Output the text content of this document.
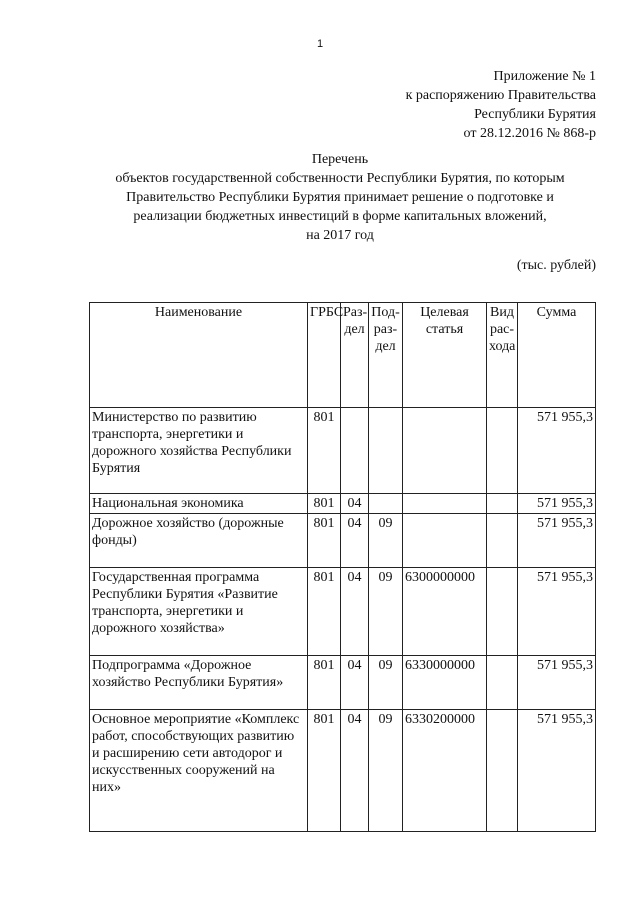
1
Приложение № 1
к распоряжению Правительства
Республики Бурятия
от 28.12.2016 № 868-р
Перечень
объектов государственной собственности Республики Бурятия, по которым
Правительство Республики Бурятия принимает решение о подготовке и
реализации бюджетных инвестиций в форме капитальных вложений,
на 2017 год
(тыс. рублей)
Наименование	ГРБС	Раз-дел	Под-раз-дел	Целевая статья	Вид рас-хода	Сумма
Министерство по развитию транспорта, энергетики и дорожного хозяйства Республики Бурятия	801					571 955,3
Национальная экономика	801	04				571 955,3
Дорожное хозяйство (дорожные фонды)	801	04	09			571 955,3
Государственная программа Республики Бурятия «Развитие транспорта, энергетики и дорожного хозяйства»	801	04	09	6300000000		571 955,3
Подпрограмма «Дорожное хозяйство Республики Бурятия»	801	04	09	6330000000		571 955,3
Основное мероприятие «Комплекс работ, способствующих развитию и расширению сети автодорог и искусственных сооружений на них»	801	04	09	6330200000		571 955,3
